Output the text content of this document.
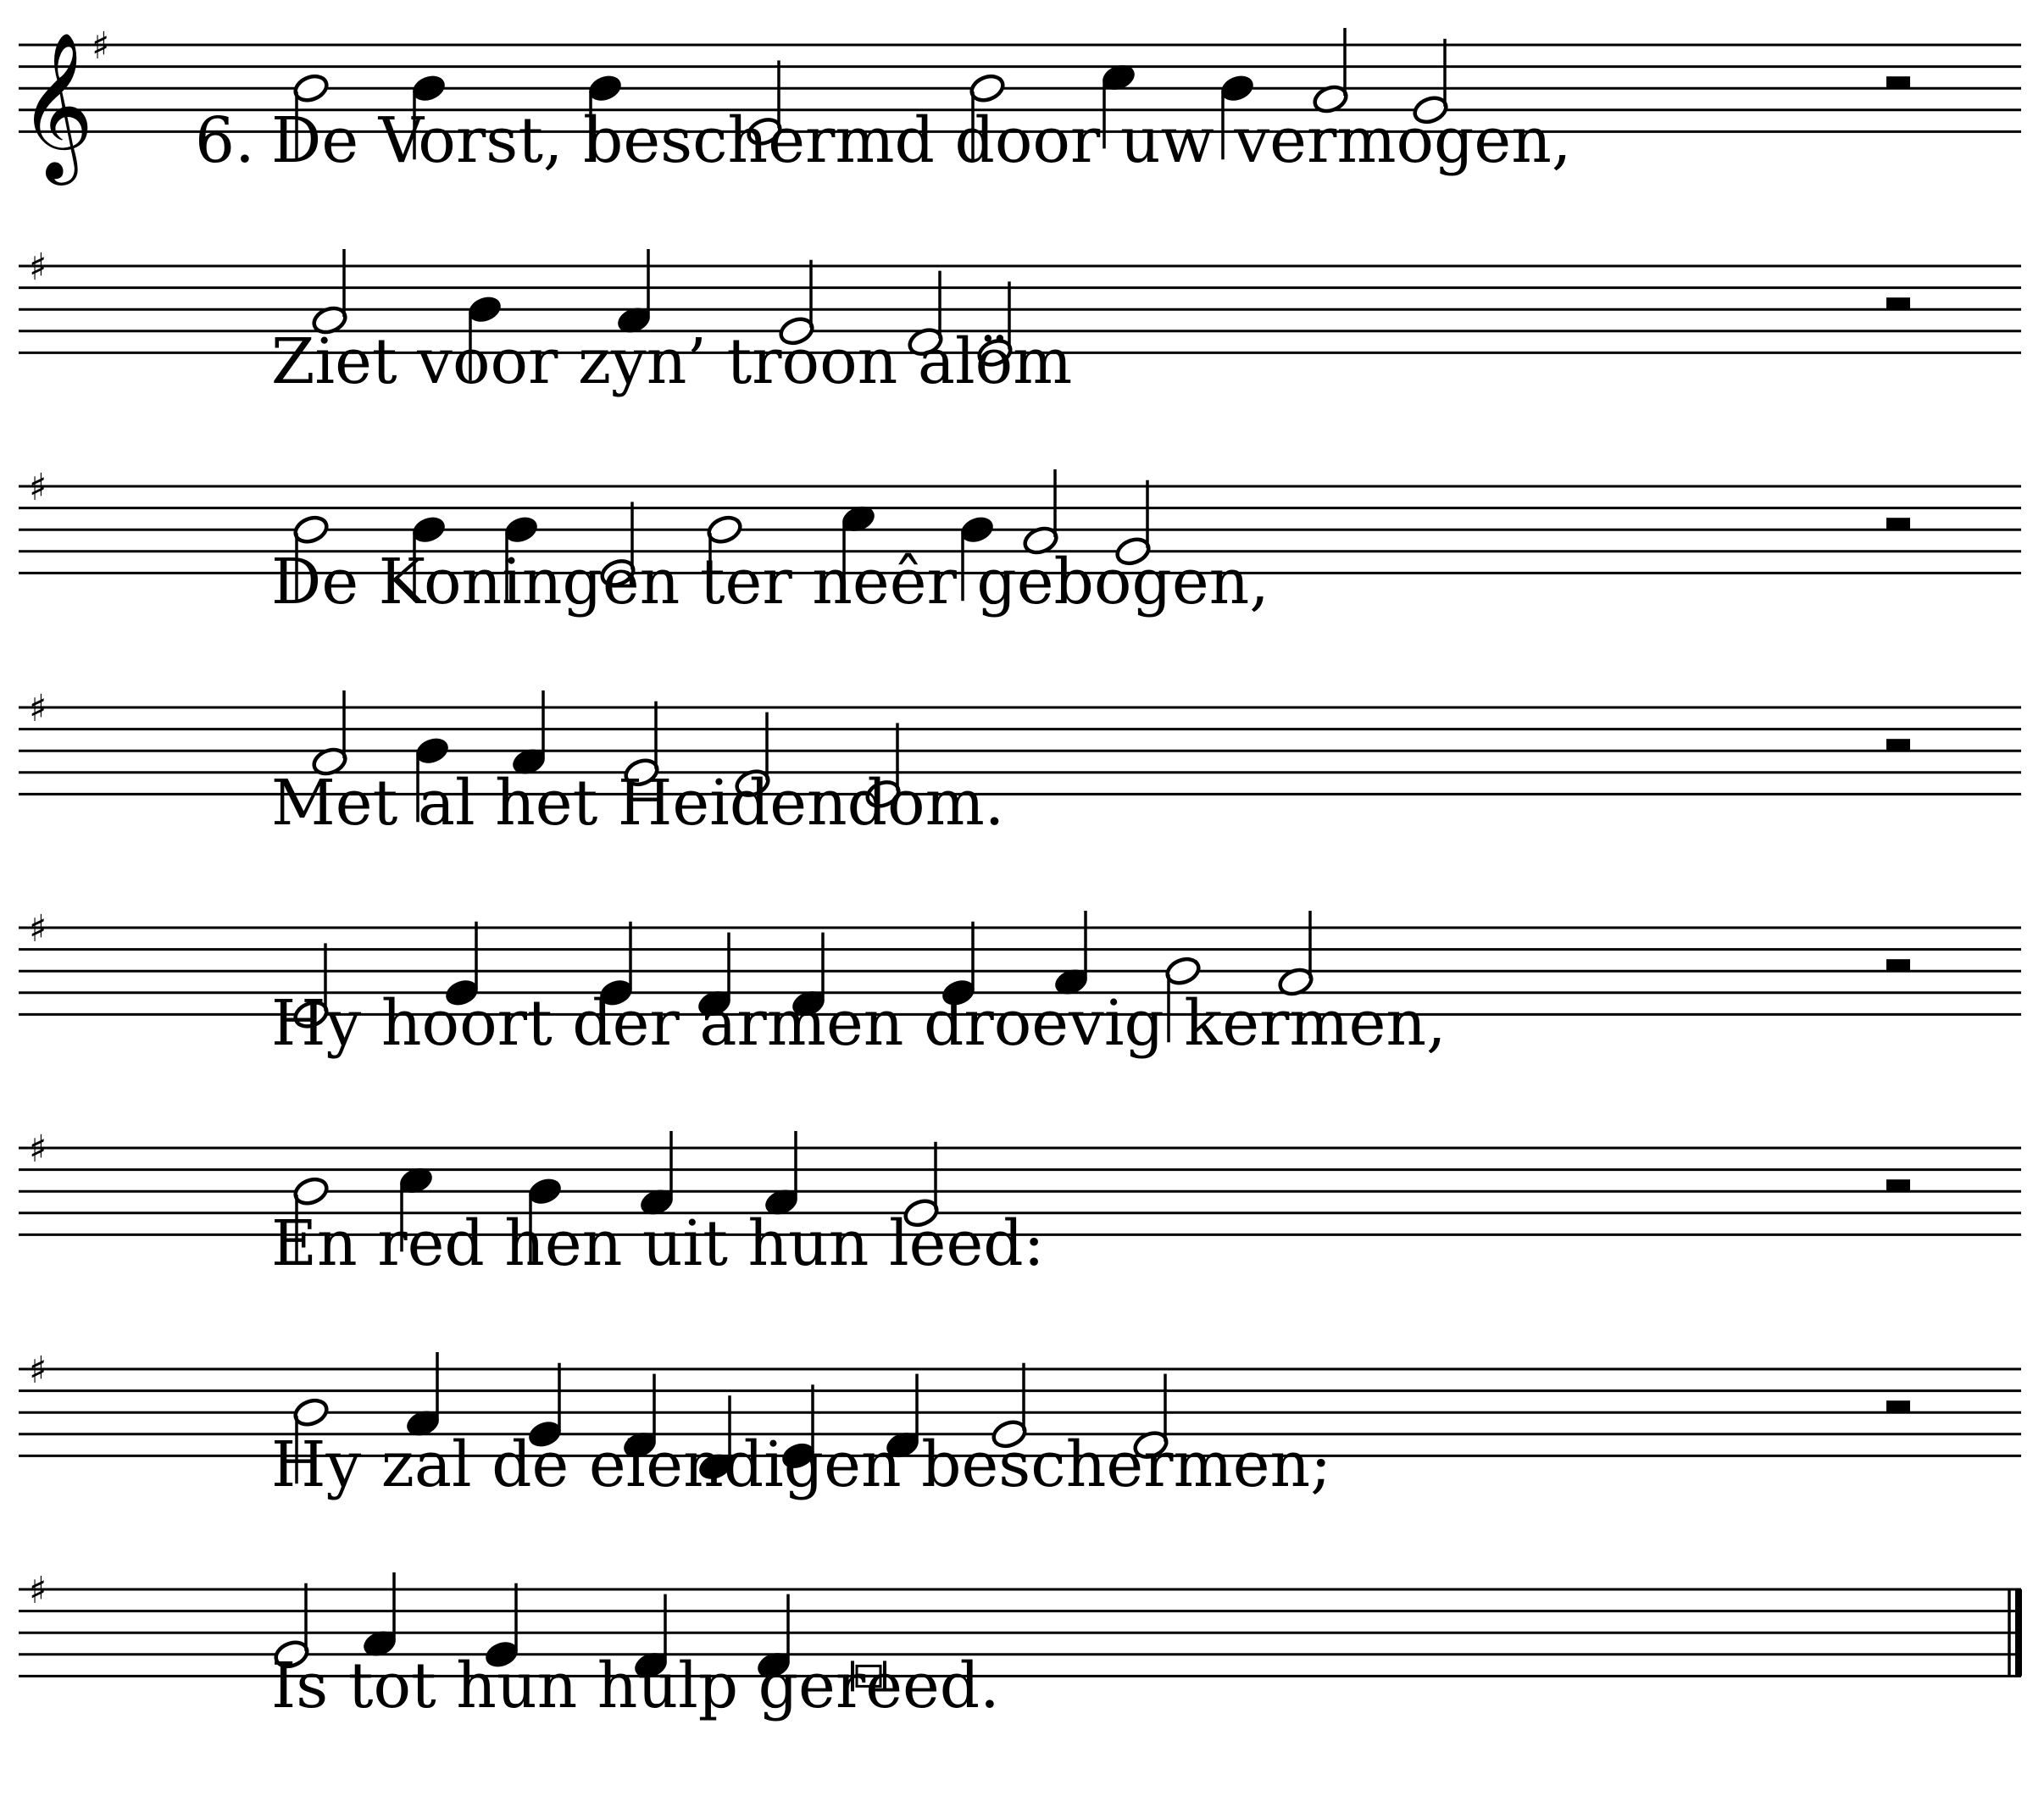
𝄞
♯
♯
♯
♯
♯
♯
♯
♯
De Vorst, beschermd door uw vermogen,
Ziet voor zyn’ troon alöm
De Koningen ter neêr gebogen,
Met al het Heidendom.
Hy hoort der armen droevig kermen,
En red hen uit hun leed:
Hy zal de elendigen beschermen;
Is tot hun hulp gereed.
6.
